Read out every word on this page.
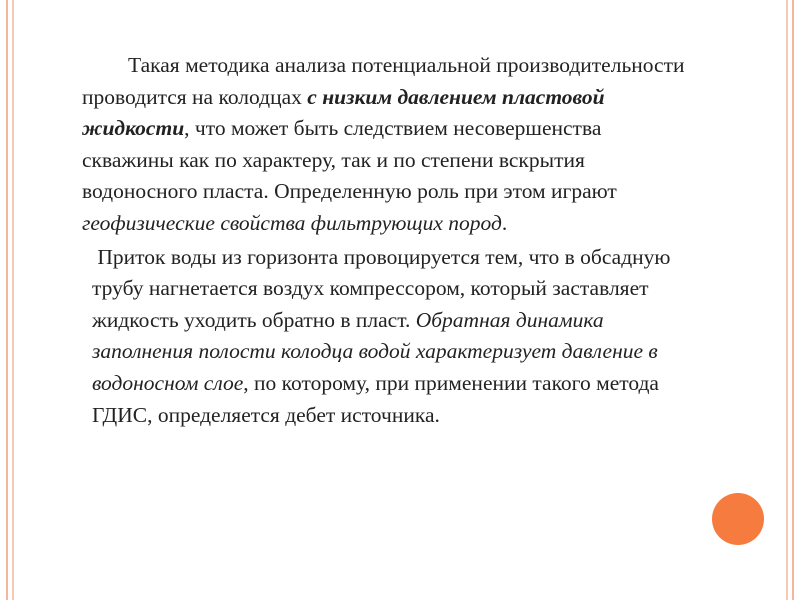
Такая методика анализа потенциальной производительности проводится на колодцах с низким давлением пластовой жидкости, что может быть следствием несовершенства скважины как по характеру, так и по степени вскрытия водоносного пласта. Определенную роль при этом играют геофизические свойства фильтрующих пород.

Приток воды из горизонта провоцируется тем, что в обсадную трубу нагнетается воздух компрессором, который заставляет жидкость уходить обратно в пласт. Обратная динамика заполнения полости колодца водой характеризует давление в водоносном слое, по которому, при применении такого метода ГДИС, определяется дебет источника.
